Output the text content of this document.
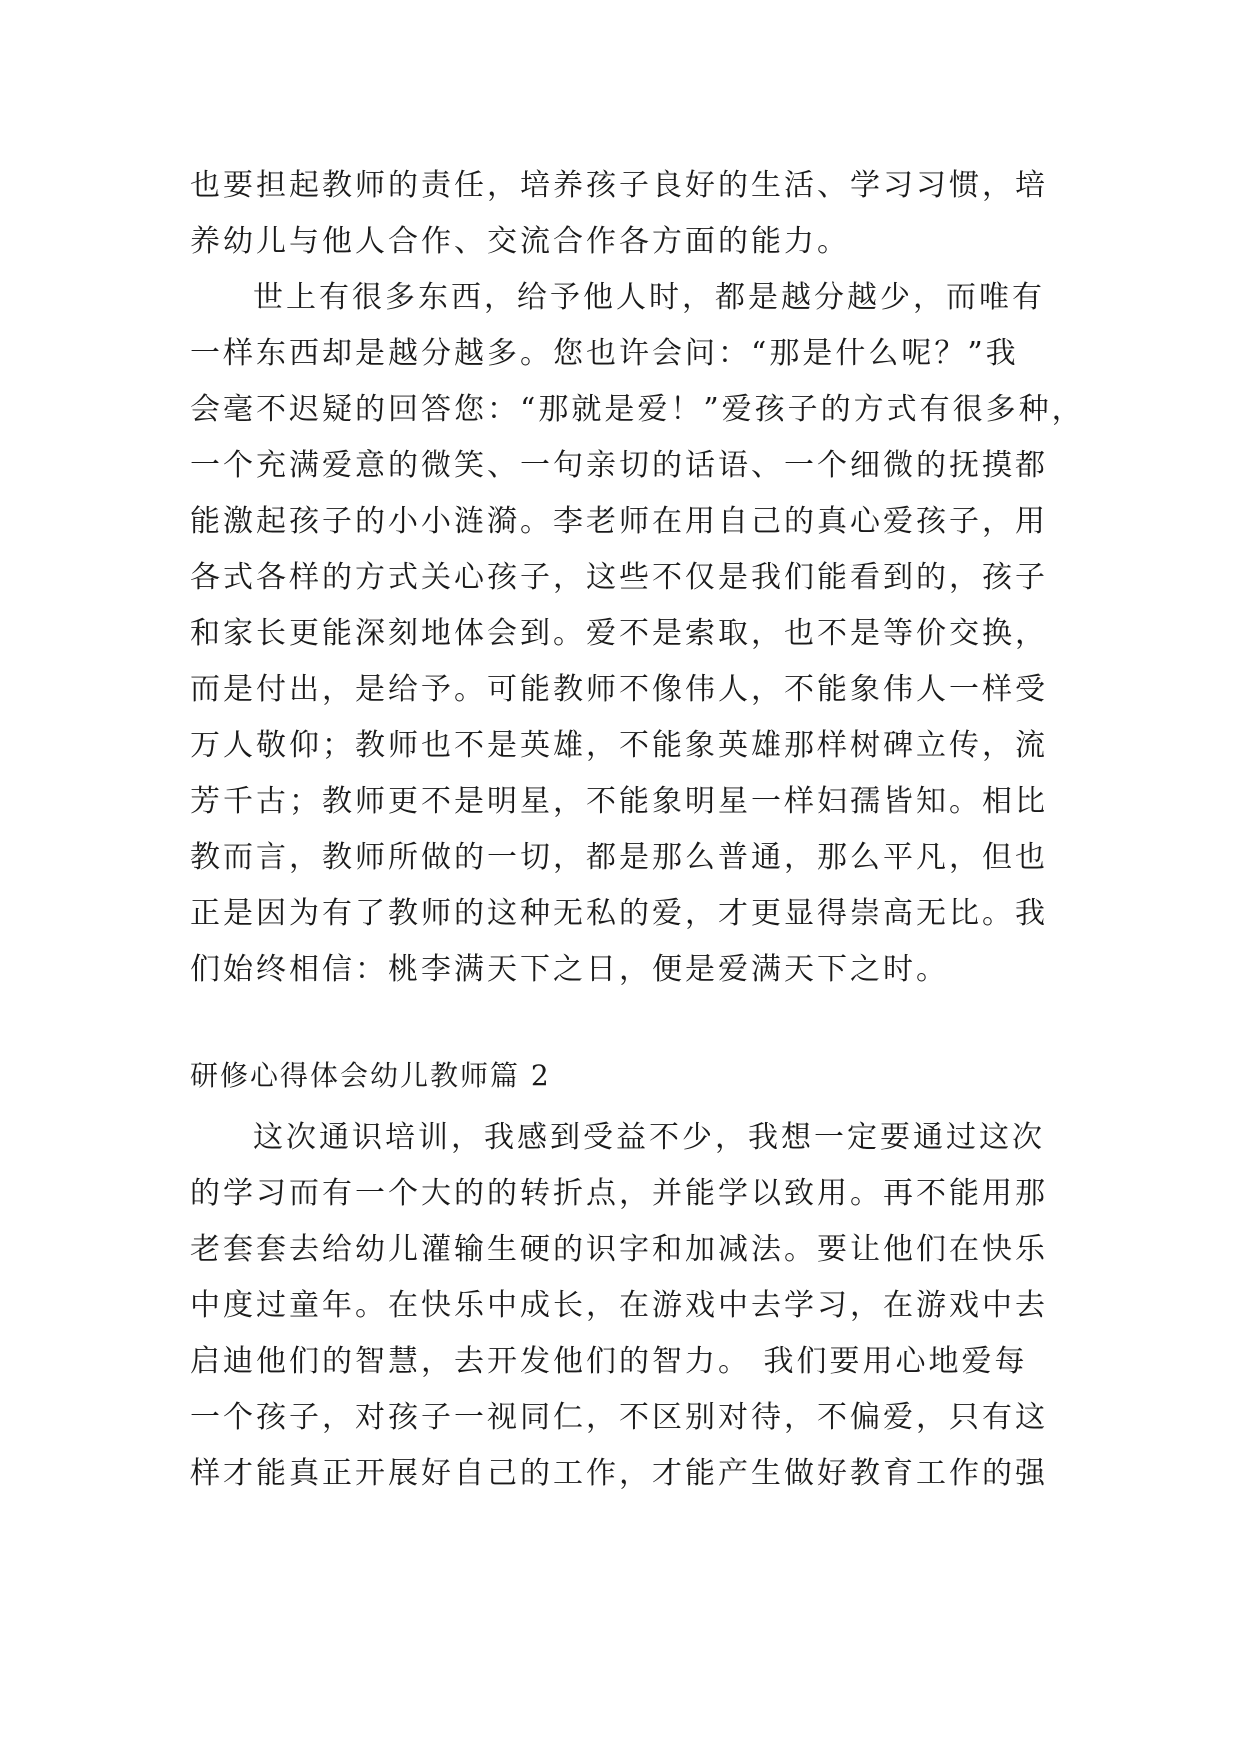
也要担起教师的责任，培养孩子良好的生活、学习习惯，培
养幼儿与他人合作、交流合作各方面的能力。
世上有很多东西，给予他人时，都是越分越少，而唯有
一样东西却是越分越多。您也许会问：“那是什么呢？”我
会毫不迟疑的回答您：“那就是爱！”爱孩子的方式有很多种，
一个充满爱意的微笑、一句亲切的话语、一个细微的抚摸都
能激起孩子的小小涟漪。李老师在用自己的真心爱孩子，用
各式各样的方式关心孩子，这些不仅是我们能看到的，孩子
和家长更能深刻地体会到。爱不是索取，也不是等价交换，
而是付出，是给予。可能教师不像伟人，不能象伟人一样受
万人敬仰；教师也不是英雄，不能象英雄那样树碑立传，流
芳千古；教师更不是明星，不能象明星一样妇孺皆知。相比
教而言，教师所做的一切，都是那么普通，那么平凡，但也
正是因为有了教师的这种无私的爱，才更显得崇高无比。我
们始终相信：桃李满天下之日，便是爱满天下之时。
研修心得体会幼儿教师篇 2
这次通识培训，我感到受益不少，我想一定要通过这次
的学习而有一个大的的转折点，并能学以致用。再不能用那
老套套去给幼儿灌输生硬的识字和加减法。要让他们在快乐
中度过童年。在快乐中成长，在游戏中去学习，在游戏中去
启迪他们的智慧，去开发他们的智力。 我们要用心地爱每
一个孩子，对孩子一视同仁，不区别对待，不偏爱，只有这
样才能真正开展好自己的工作，才能产生做好教育工作的强
